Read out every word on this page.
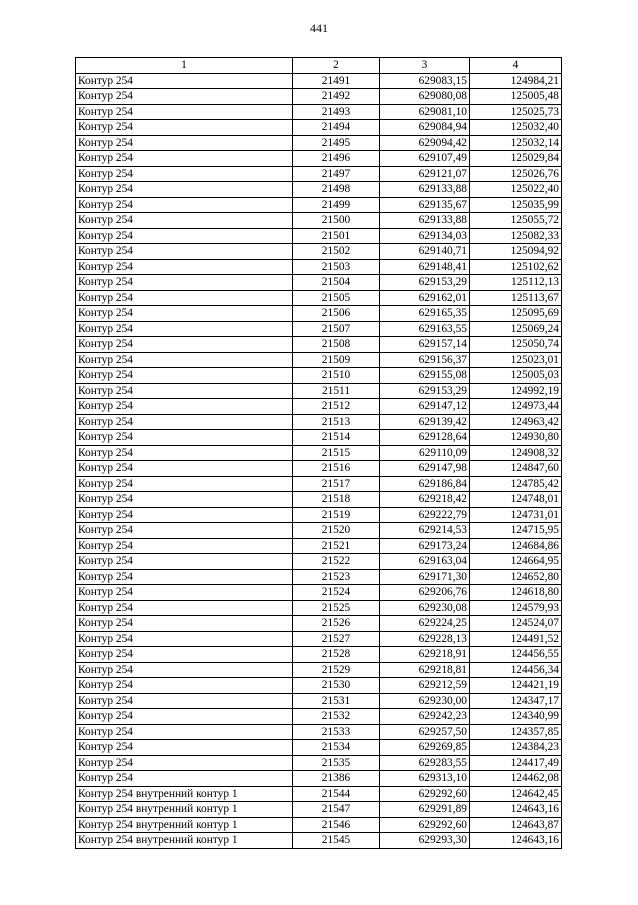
441
1	2	3	4
Контур 254	21491	629083,15	124984,21
Контур 254	21492	629080,08	125005,48
Контур 254	21493	629081,10	125025,73
Контур 254	21494	629084,94	125032,40
Контур 254	21495	629094,42	125032,14
Контур 254	21496	629107,49	125029,84
Контур 254	21497	629121,07	125026,76
Контур 254	21498	629133,88	125022,40
Контур 254	21499	629135,67	125035,99
Контур 254	21500	629133,88	125055,72
Контур 254	21501	629134,03	125082,33
Контур 254	21502	629140,71	125094,92
Контур 254	21503	629148,41	125102,62
Контур 254	21504	629153,29	125112,13
Контур 254	21505	629162,01	125113,67
Контур 254	21506	629165,35	125095,69
Контур 254	21507	629163,55	125069,24
Контур 254	21508	629157,14	125050,74
Контур 254	21509	629156,37	125023,01
Контур 254	21510	629155,08	125005,03
Контур 254	21511	629153,29	124992,19
Контур 254	21512	629147,12	124973,44
Контур 254	21513	629139,42	124963,42
Контур 254	21514	629128,64	124930,80
Контур 254	21515	629110,09	124908,32
Контур 254	21516	629147,98	124847,60
Контур 254	21517	629186,84	124785,42
Контур 254	21518	629218,42	124748,01
Контур 254	21519	629222,79	124731,01
Контур 254	21520	629214,53	124715,95
Контур 254	21521	629173,24	124684,86
Контур 254	21522	629163,04	124664,95
Контур 254	21523	629171,30	124652,80
Контур 254	21524	629206,76	124618,80
Контур 254	21525	629230,08	124579,93
Контур 254	21526	629224,25	124524,07
Контур 254	21527	629228,13	124491,52
Контур 254	21528	629218,91	124456,55
Контур 254	21529	629218,81	124456,34
Контур 254	21530	629212,59	124421,19
Контур 254	21531	629230,00	124347,17
Контур 254	21532	629242,23	124340,99
Контур 254	21533	629257,50	124357,85
Контур 254	21534	629269,85	124384,23
Контур 254	21535	629283,55	124417,49
Контур 254	21386	629313,10	124462,08
Контур 254 внутренний контур 1	21544	629292,60	124642,45
Контур 254 внутренний контур 1	21547	629291,89	124643,16
Контур 254 внутренний контур 1	21546	629292,60	124643,87
Контур 254 внутренний контур 1	21545	629293,30	124643,16
